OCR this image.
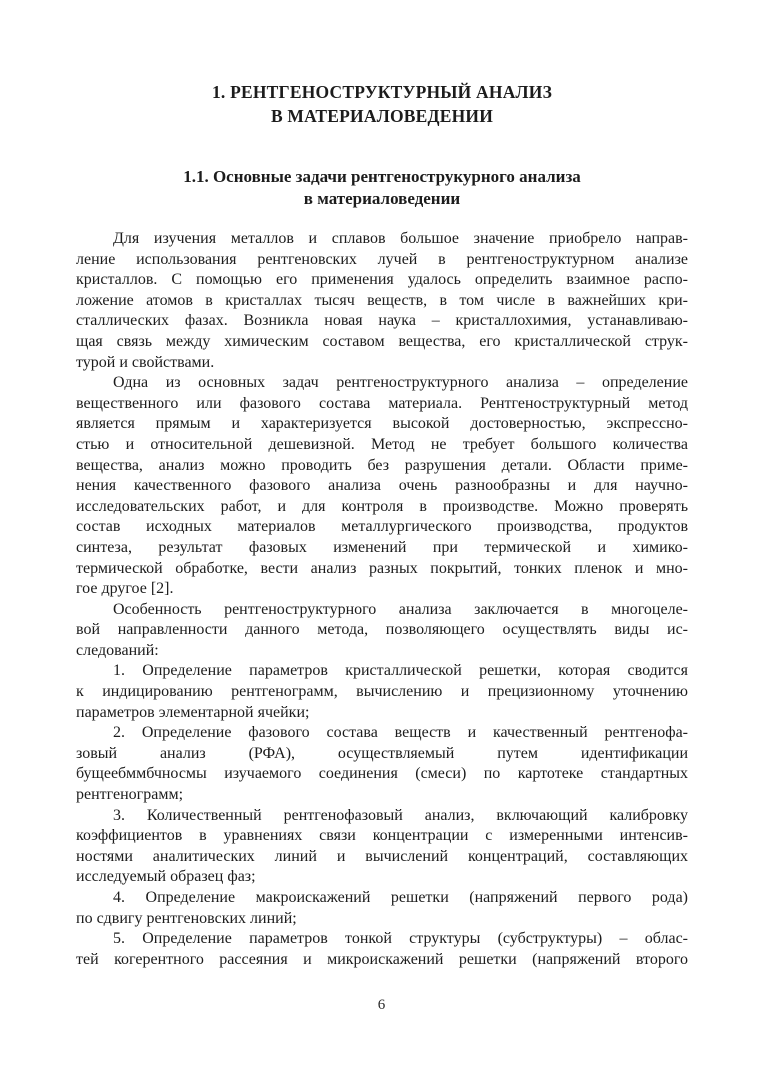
1. РЕНТГЕНОСТРУКТУРНЫЙ АНАЛИЗ
В МАТЕРИАЛОВЕДЕНИИ
1.1. Основные задачи рентгенострукурного анализа
в материаловедении
Для изучения металлов и сплавов большое значение приобрело направ-
ление использования рентгеновских лучей в рентгеноструктурном анализе
кристаллов. С помощью его применения удалось определить взаимное распо-
ложение атомов в кристаллах тысяч веществ, в том числе в важнейших кри-
сталлических фазах. Возникла новая наука – кристаллохимия, устанавливаю-
щая связь между химическим составом вещества, его кристаллической струк-
турой и свойствами.
Одна из основных задач рентгеноструктурного анализа – определение
вещественного или фазового состава материала. Рентгеноструктурный метод
является прямым и характеризуется высокой достоверностью, экспрессно-
стью и относительной дешевизной. Метод не требует большого количества
вещества, анализ можно проводить без разрушения детали. Области приме-
нения качественного фазового анализа очень разнообразны и для научно-
исследовательских работ, и для контроля в производстве. Можно проверять
состав исходных материалов металлургического производства, продуктов
синтеза, результат фазовых изменений при термической и химико-
термической обработке, вести анализ разных покрытий, тонких пленок и мно-
гое другое [2].
Особенность рентгеноструктурного анализа заключается в многоцеле-
вой направленности данного метода, позволяющего осуществлять виды ис-
следований:
1. Определение параметров кристаллической решетки, которая сводится
к индицированию рентгенограмм, вычислению и прецизионному уточнению
параметров элементарной ячейки;
2. Определение фазового состава веществ и качественный рентгенофа-
зовый анализ (РФА), осуществляемый путем идентификации
бущеебммбчносмы изучаемого соединения (смеси) по картотеке стандартных
рентгенограмм;
3. Количественный рентгенофазовый анализ, включающий калибровку
коэффициентов в уравнениях связи концентрации с измеренными интенсив-
ностями аналитических линий и вычислений концентраций, составляющих
исследуемый образец фаз;
4. Определение макроискажений решетки (напряжений первого рода)
по сдвигу рентгеновских линий;
5. Определение параметров тонкой структуры (субструктуры) – облас-
тей когерентного рассеяния и микроискажений решетки (напряжений второго
6
